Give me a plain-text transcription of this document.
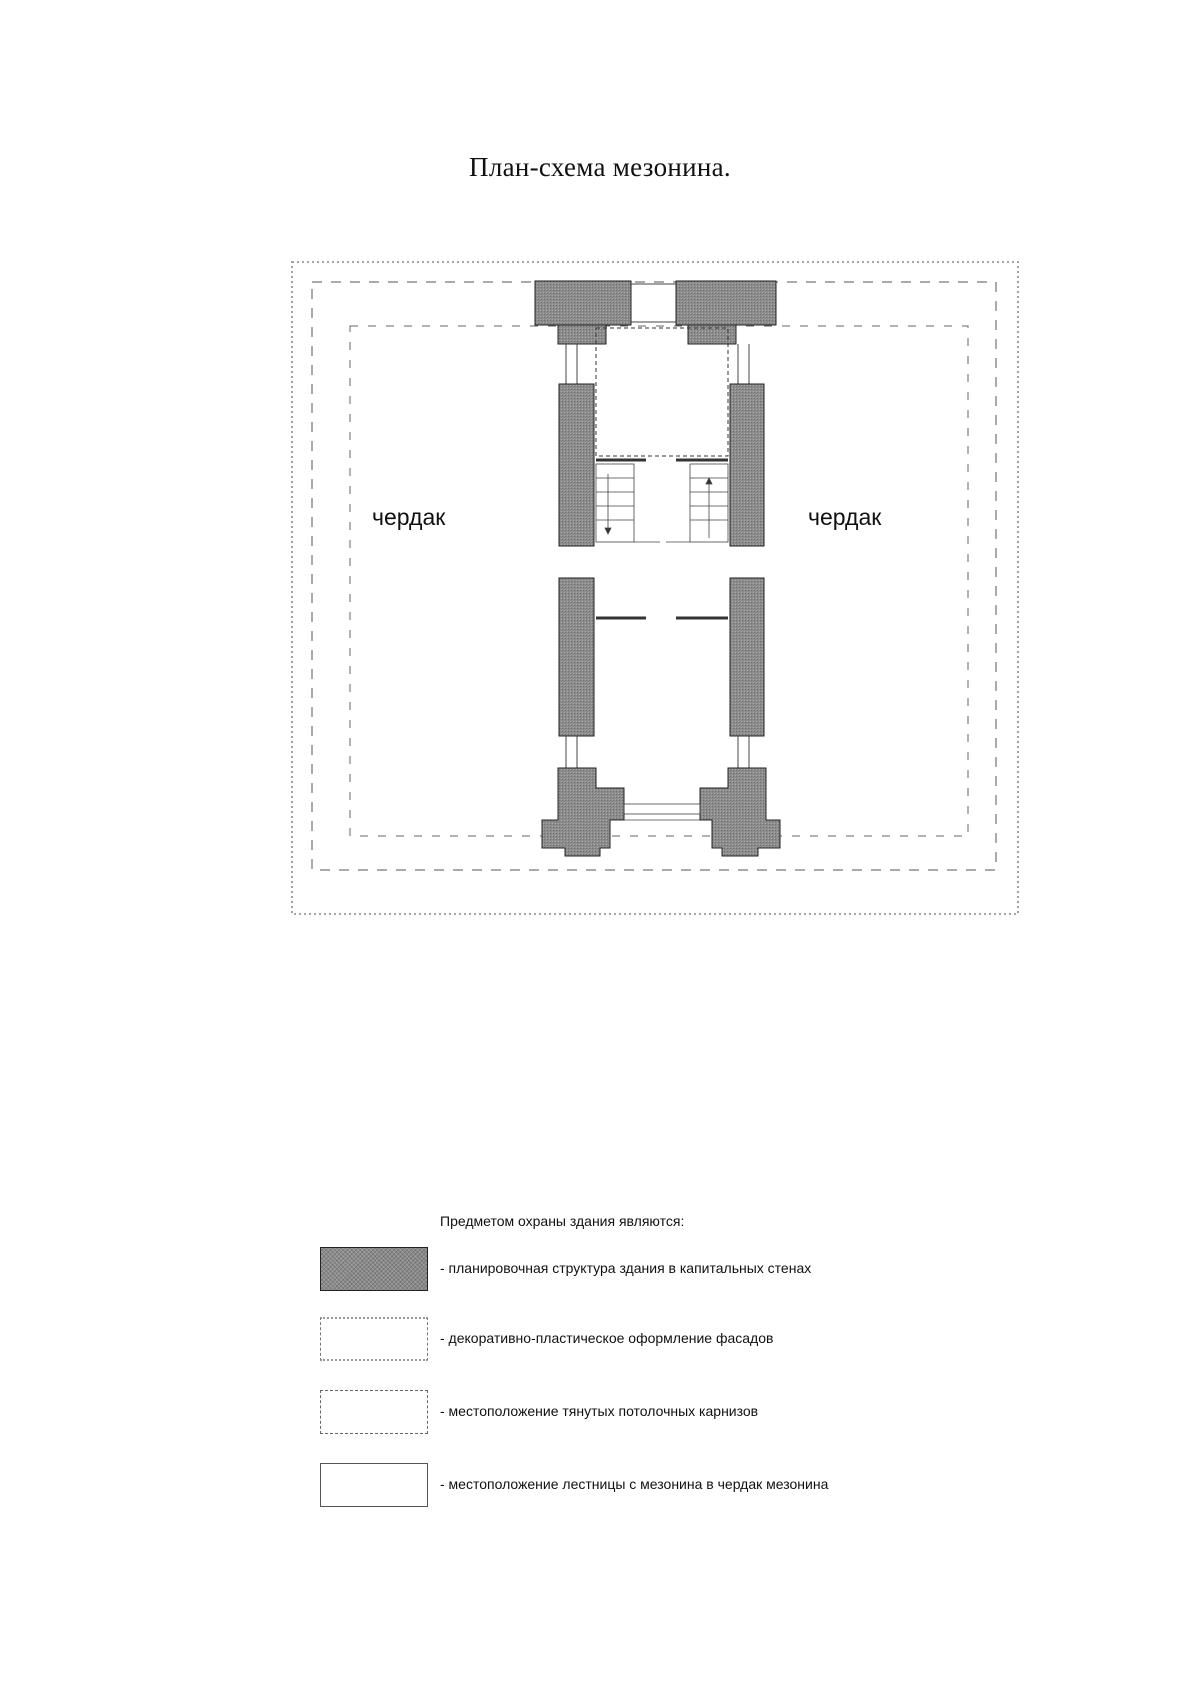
План-схема мезонина.
чердак	чердак
Предметом охраны здания являются:
- планировочная структура здания в капитальных стенах
- декоративно-пластическое оформление фасадов
- местоположение тянутых потолочных карнизов
- местоположение лестницы с мезонина в чердак мезонина
